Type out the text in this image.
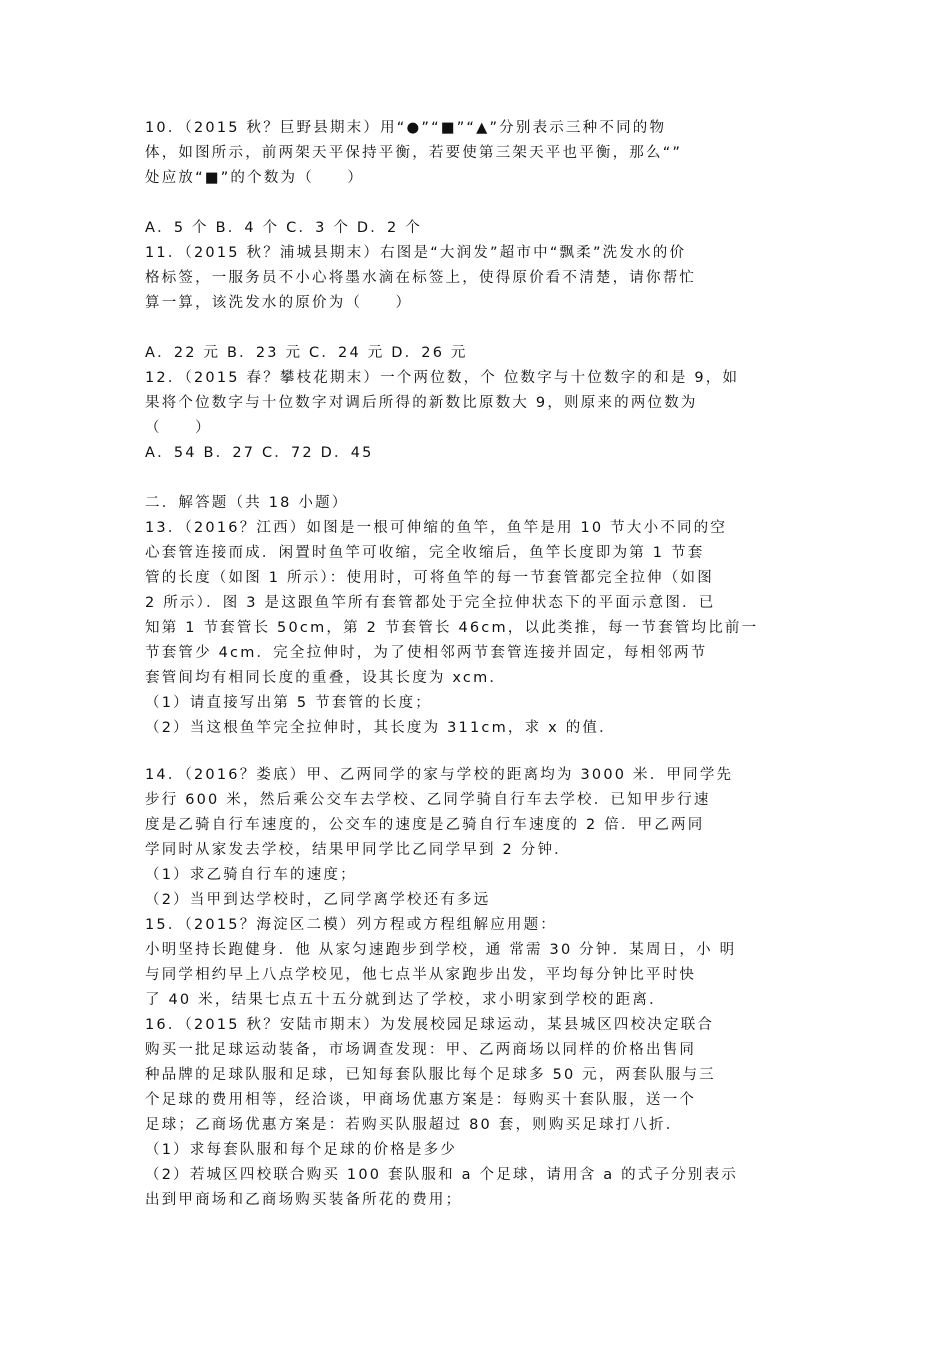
10．（2015 秋？巨野县期末）用“●”“■”“▲”分别表示三种不同的物
体，如图所示，前两架天平保持平衡，若要使第三架天平也平衡，那么“”
处应放“■”的个数为（　　）
A．5 个 B．4 个 C．3 个 D．2 个
11．（2015 秋？浦城县期末）右图是“大润发”超市中“飘柔”洗发水的价
格标签，一服务员不小心将墨水滴在标签上，使得原价看不清楚，请你帮忙
算一算，该洗发水的原价为（　　）
A．22 元 B．23 元 C．24 元 D．26 元
12．（2015 春？攀枝花期末）一个两位数，个 位数字与十位数字的和是 9，如
果将个位数字与十位数字对调后所得的新数比原数大 9，则原来的两位数为
（　　）
A．54 B．27 C．72 D．45
二．解答题（共 18 小题）
13．（2016？江西）如图是一根可伸缩的鱼竿，鱼竿是用 10 节大小不同的空
心套管连接而成．闲置时鱼竿可收缩，完全收缩后，鱼竿长度即为第 1 节套
管的长度（如图 1 所示）：使用时，可将鱼竿的每一节套管都完全拉伸（如图
2 所示）．图 3 是这跟鱼竿所有套管都处于完全拉伸状态下的平面示意图．已
知第 1 节套管长 50cm，第 2 节套管长 46cm，以此类推，每一节套管均比前一
节套管少 4cm．完全拉伸时，为了使相邻两节套管连接并固定，每相邻两节
套管间均有相同长度的重叠，设其长度为 xcm．
（1）请直接写出第 5 节套管的长度；
（2）当这根鱼竿完全拉伸时，其长度为 311cm，求 x 的值．
14．（2016？娄底）甲、乙两同学的家与学校的距离均为 3000 米．甲同学先
步行 600 米，然后乘公交车去学校、乙同学骑自行车去学校．已知甲步行速
度是乙骑自行车速度的，公交车的速度是乙骑自行车速度的 2 倍．甲乙两同
学同时从家发去学校，结果甲同学比乙同学早到 2 分钟．
（1）求乙骑自行车的速度；
（2）当甲到达学校时，乙同学离学校还有多远
15．（2015？海淀区二模）列方程或方程组解应用题：
小明坚持长跑健身．他 从家匀速跑步到学校，通 常需 30 分钟．某周日，小 明
与同学相约早上八点学校见，他七点半从家跑步出发，平均每分钟比平时快
了 40 米，结果七点五十五分就到达了学校，求小明家到学校的距离．
16．（2015 秋？安陆市期末）为发展校园足球运动，某县城区四校决定联合
购买一批足球运动装备，市场调查发现：甲、乙两商场以同样的价格出售同
种品牌的足球队服和足球，已知每套队服比每个足球多 50 元，两套队服与三
个足球的费用相等，经洽谈，甲商场优惠方案是：每购买十套队服，送一个
足球；乙商场优惠方案是：若购买队服超过 80 套，则购买足球打八折．
（1）求每套队服和每个足球的价格是多少
（2）若城区四校联合购买 100 套队服和 a 个足球，请用含 a 的式子分别表示
出到甲商场和乙商场购买装备所花的费用；
